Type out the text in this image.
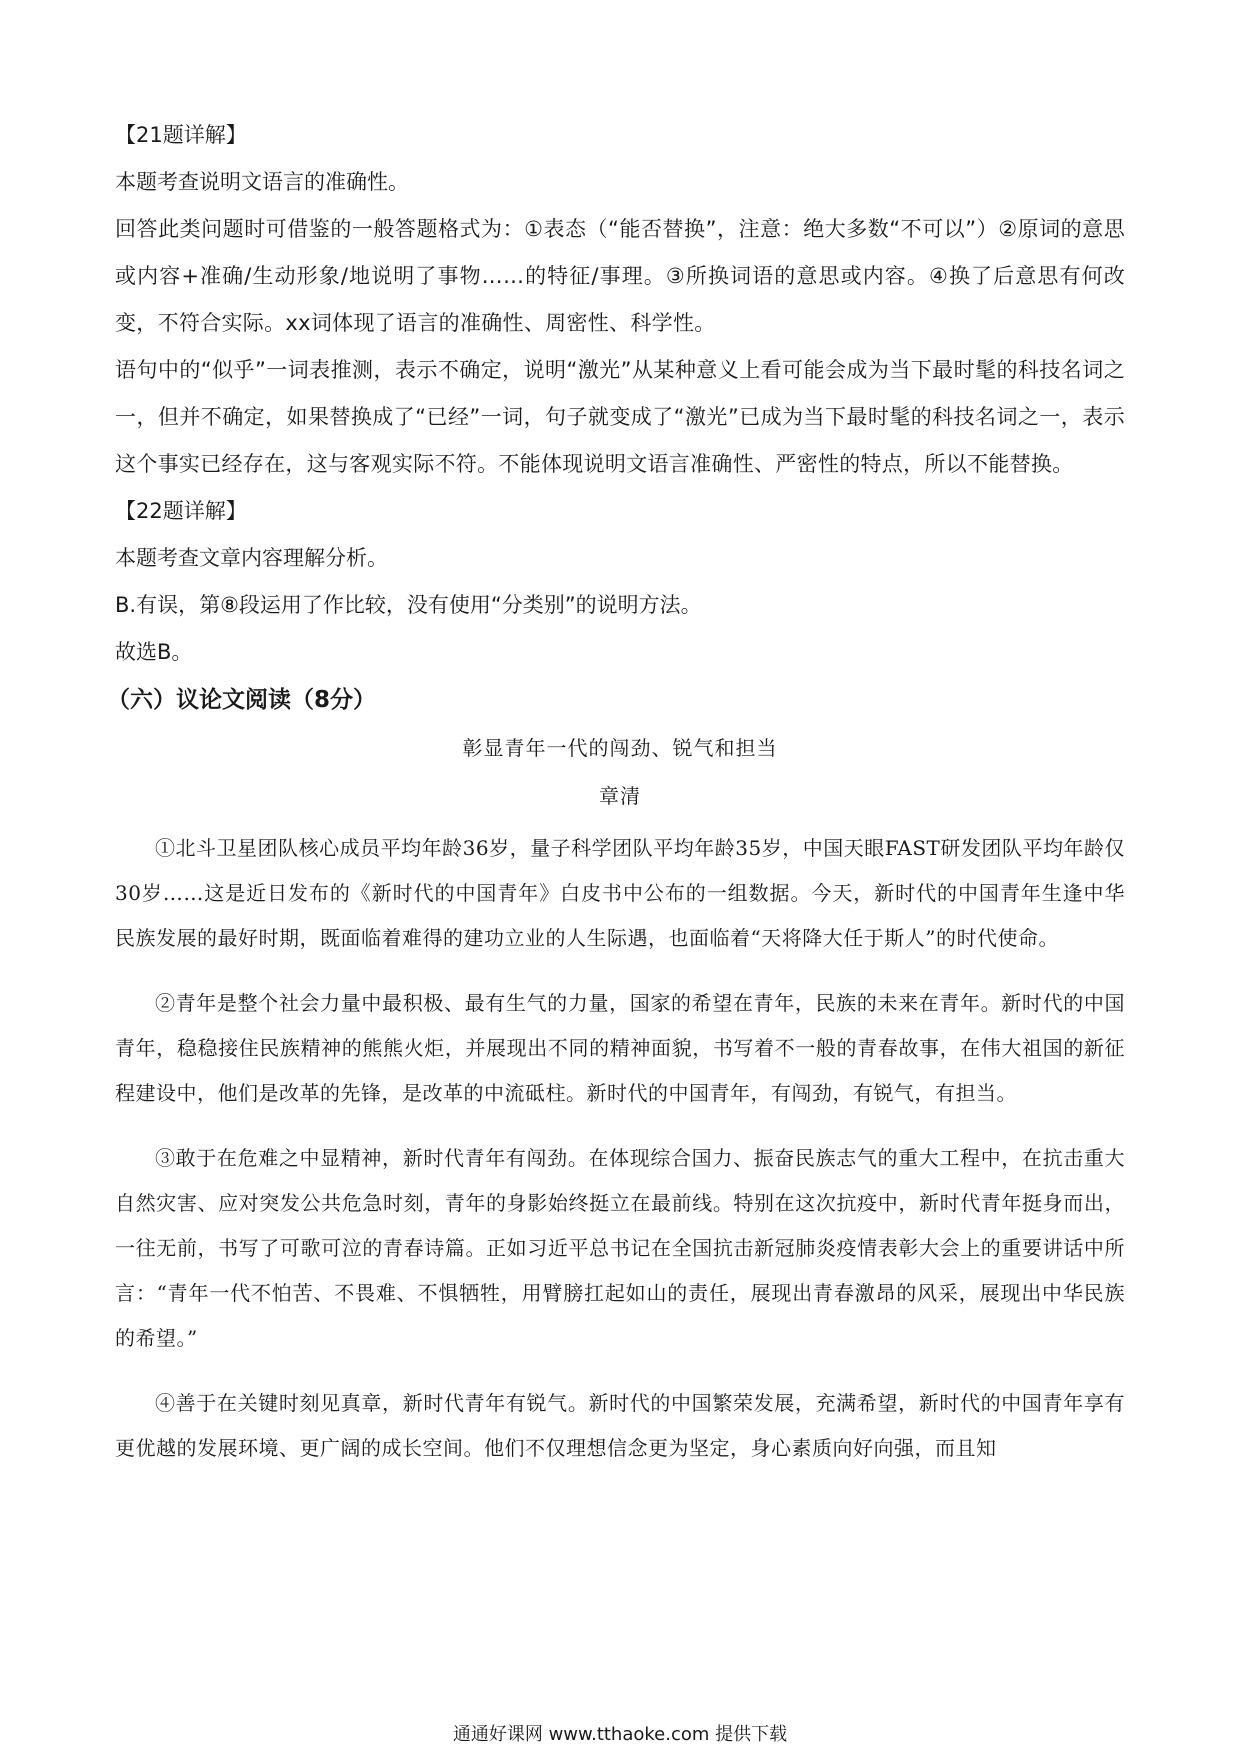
【21题详解】
本题考查说明文语言的准确性。
回答此类问题时可借鉴的一般答题格式为：①表态（“能否替换”，注意：绝大多数“不可以”）②原词的意思或内容+准确/生动形象/地说明了事物……的特征/事理。③所换词语的意思或内容。④换了后意思有何改变，不符合实际。xx词体现了语言的准确性、周密性、科学性。
语句中的“似乎”一词表推测，表示不确定，说明“激光”从某种意义上看可能会成为当下最时髦的科技名词之一，但并不确定，如果替换成了“已经”一词，句子就变成了“激光”已成为当下最时髦的科技名词之一，表示这个事实已经存在，这与客观实际不符。不能体现说明文语言准确性、严密性的特点，所以不能替换。
【22题详解】
本题考查文章内容理解分析。
B.有误，第⑧段运用了作比较，没有使用“分类别”的说明方法。
故选B。
（六）议论文阅读（8分）
彰显青年一代的闯劲、锐气和担当
章清

①北斗卫星团队核心成员平均年龄36岁，量子科学团队平均年龄35岁，中国天眼FAST研发团队平均年龄仅30岁……这是近日发布的《新时代的中国青年》白皮书中公布的一组数据。今天，新时代的中国青年生逢中华民族发展的最好时期，既面临着难得的建功立业的人生际遇，也面临着“天将降大任于斯人”的时代使命。

②青年是整个社会力量中最积极、最有生气的力量，国家的希望在青年，民族的未来在青年。新时代的中国青年，稳稳接住民族精神的熊熊火炬，并展现出不同的精神面貌，书写着不一般的青春故事，在伟大祖国的新征程建设中，他们是改革的先锋，是改革的中流砥柱。新时代的中国青年，有闯劲，有锐气，有担当。

③敢于在危难之中显精神，新时代青年有闯劲。在体现综合国力、振奋民族志气的重大工程中，在抗击重大自然灾害、应对突发公共危急时刻，青年的身影始终挺立在最前线。特别在这次抗疫中，新时代青年挺身而出，一往无前，书写了可歌可泣的青春诗篇。正如习近平总书记在全国抗击新冠肺炎疫情表彰大会上的重要讲话中所言：“青年一代不怕苦、不畏难、不惧牺牲，用臂膀扛起如山的责任，展现出青春激昂的风采，展现出中华民族的希望。”

④善于在关键时刻见真章，新时代青年有锐气。新时代的中国繁荣发展，充满希望，新时代的中国青年享有更优越的发展环境、更广阔的成长空间。他们不仅理想信念更为坚定，身心素质向好向强，而且知

通通好课网 www.tthaoke.com 提供下载
